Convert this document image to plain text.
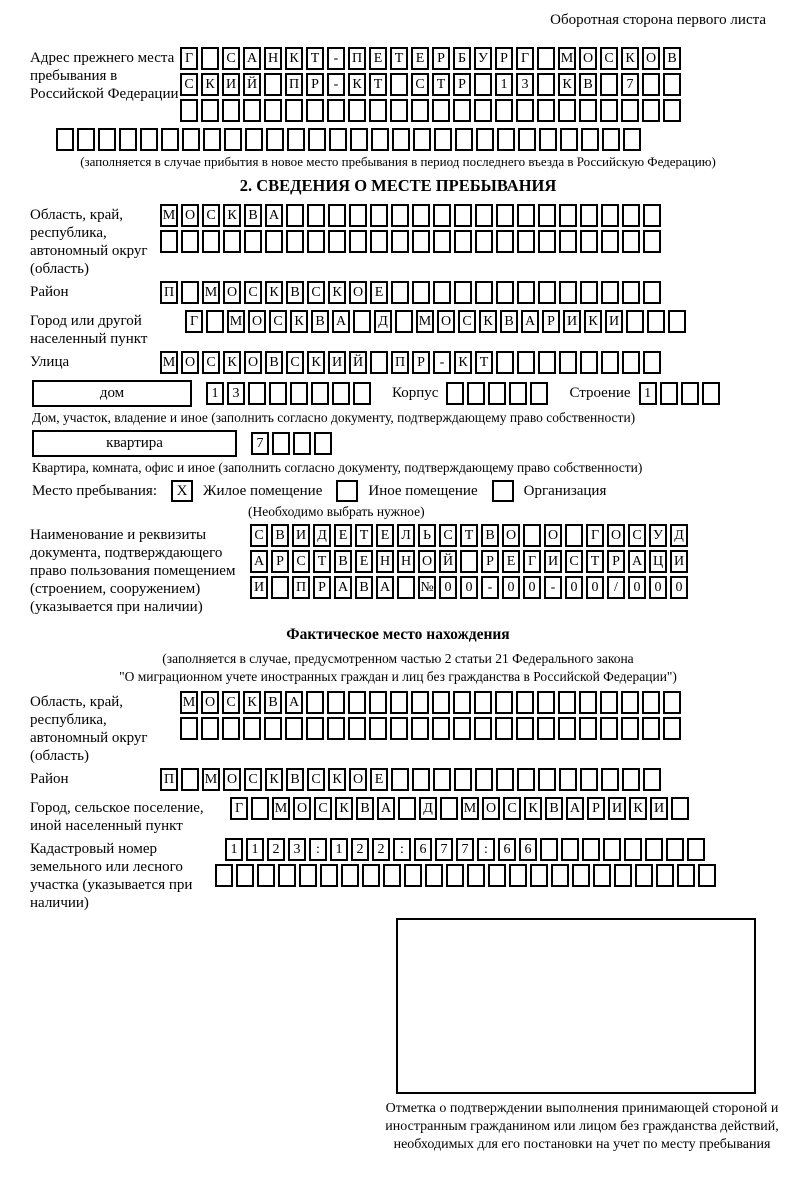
Оборотная сторона первого листа
Адрес прежнего места пребывания в Российской Федерации
Г	С А Н К Т	- П Е Т Е Р Б У Р Г	М О С К О В
С К И Й П Р	-	К Т	С Т Р	1	3	К В	7
(заполняется в случае прибытия в новое место пребывания в период последнего въезда в Российскую Федерацию)
2. СВЕДЕНИЯ О МЕСТЕ ПРЕБЫВАНИЯ
Область, край, республика, автономный округ (область)
М О С К В А
Район	П М О С К В С К О Е
Город или другой населенный пункт
Г	М О С К В А	Д	М О С К В А Р И К И
Улица	М О С К О В С К И Й П Р	-	К Т
дом	1	3	Корпус	Строение 1
Дом, участок, владение и иное (заполнить согласно документу, подтверждающему право собственности)
квартира	7
Квартира, комната, офис и иное (заполнить согласно документу, подтверждающему право собственности)
Место пребывания:	X	Жилое помещение	Иное помещение	Организация
(Необходимо выбрать нужное)
Наименование и реквизиты документа, подтверждающего право пользования помещением (строением, сооружением) (указывается при наличии)
С В И Д Е Т Е Л Ь С Т В О О	Г О С У Д
А Р С Т В Е Н Н О Й	Р Е Г И С Т Р А Ц И
И П Р А В А № 0	0	-	0	0	-	0	0	/	0	0	0
Фактическое место нахождения
(заполняется в случае, предусмотренном частью 2 статьи 21 Федерального закона
"О миграционном учете иностранных граждан и лиц без гражданства в Российской Федерации")
Область, край, республика, автономный округ (область)
М О С К В А
Район	П М О С К В С К О Е
Город, сельское поселение, иной населенный пункт
Г	М О С К В А	Д	М О С К В А Р И К И
Кадастровый номер земельного или лесного участка (указывается при наличии)
1	1	2	3	:	1	2	2	:	6	7	7	:	6	6
Отметка о подтверждении выполнения принимающей стороной и иностранным гражданином или лицом без гражданства действий, необходимых для его постановки на учет по месту пребывания
